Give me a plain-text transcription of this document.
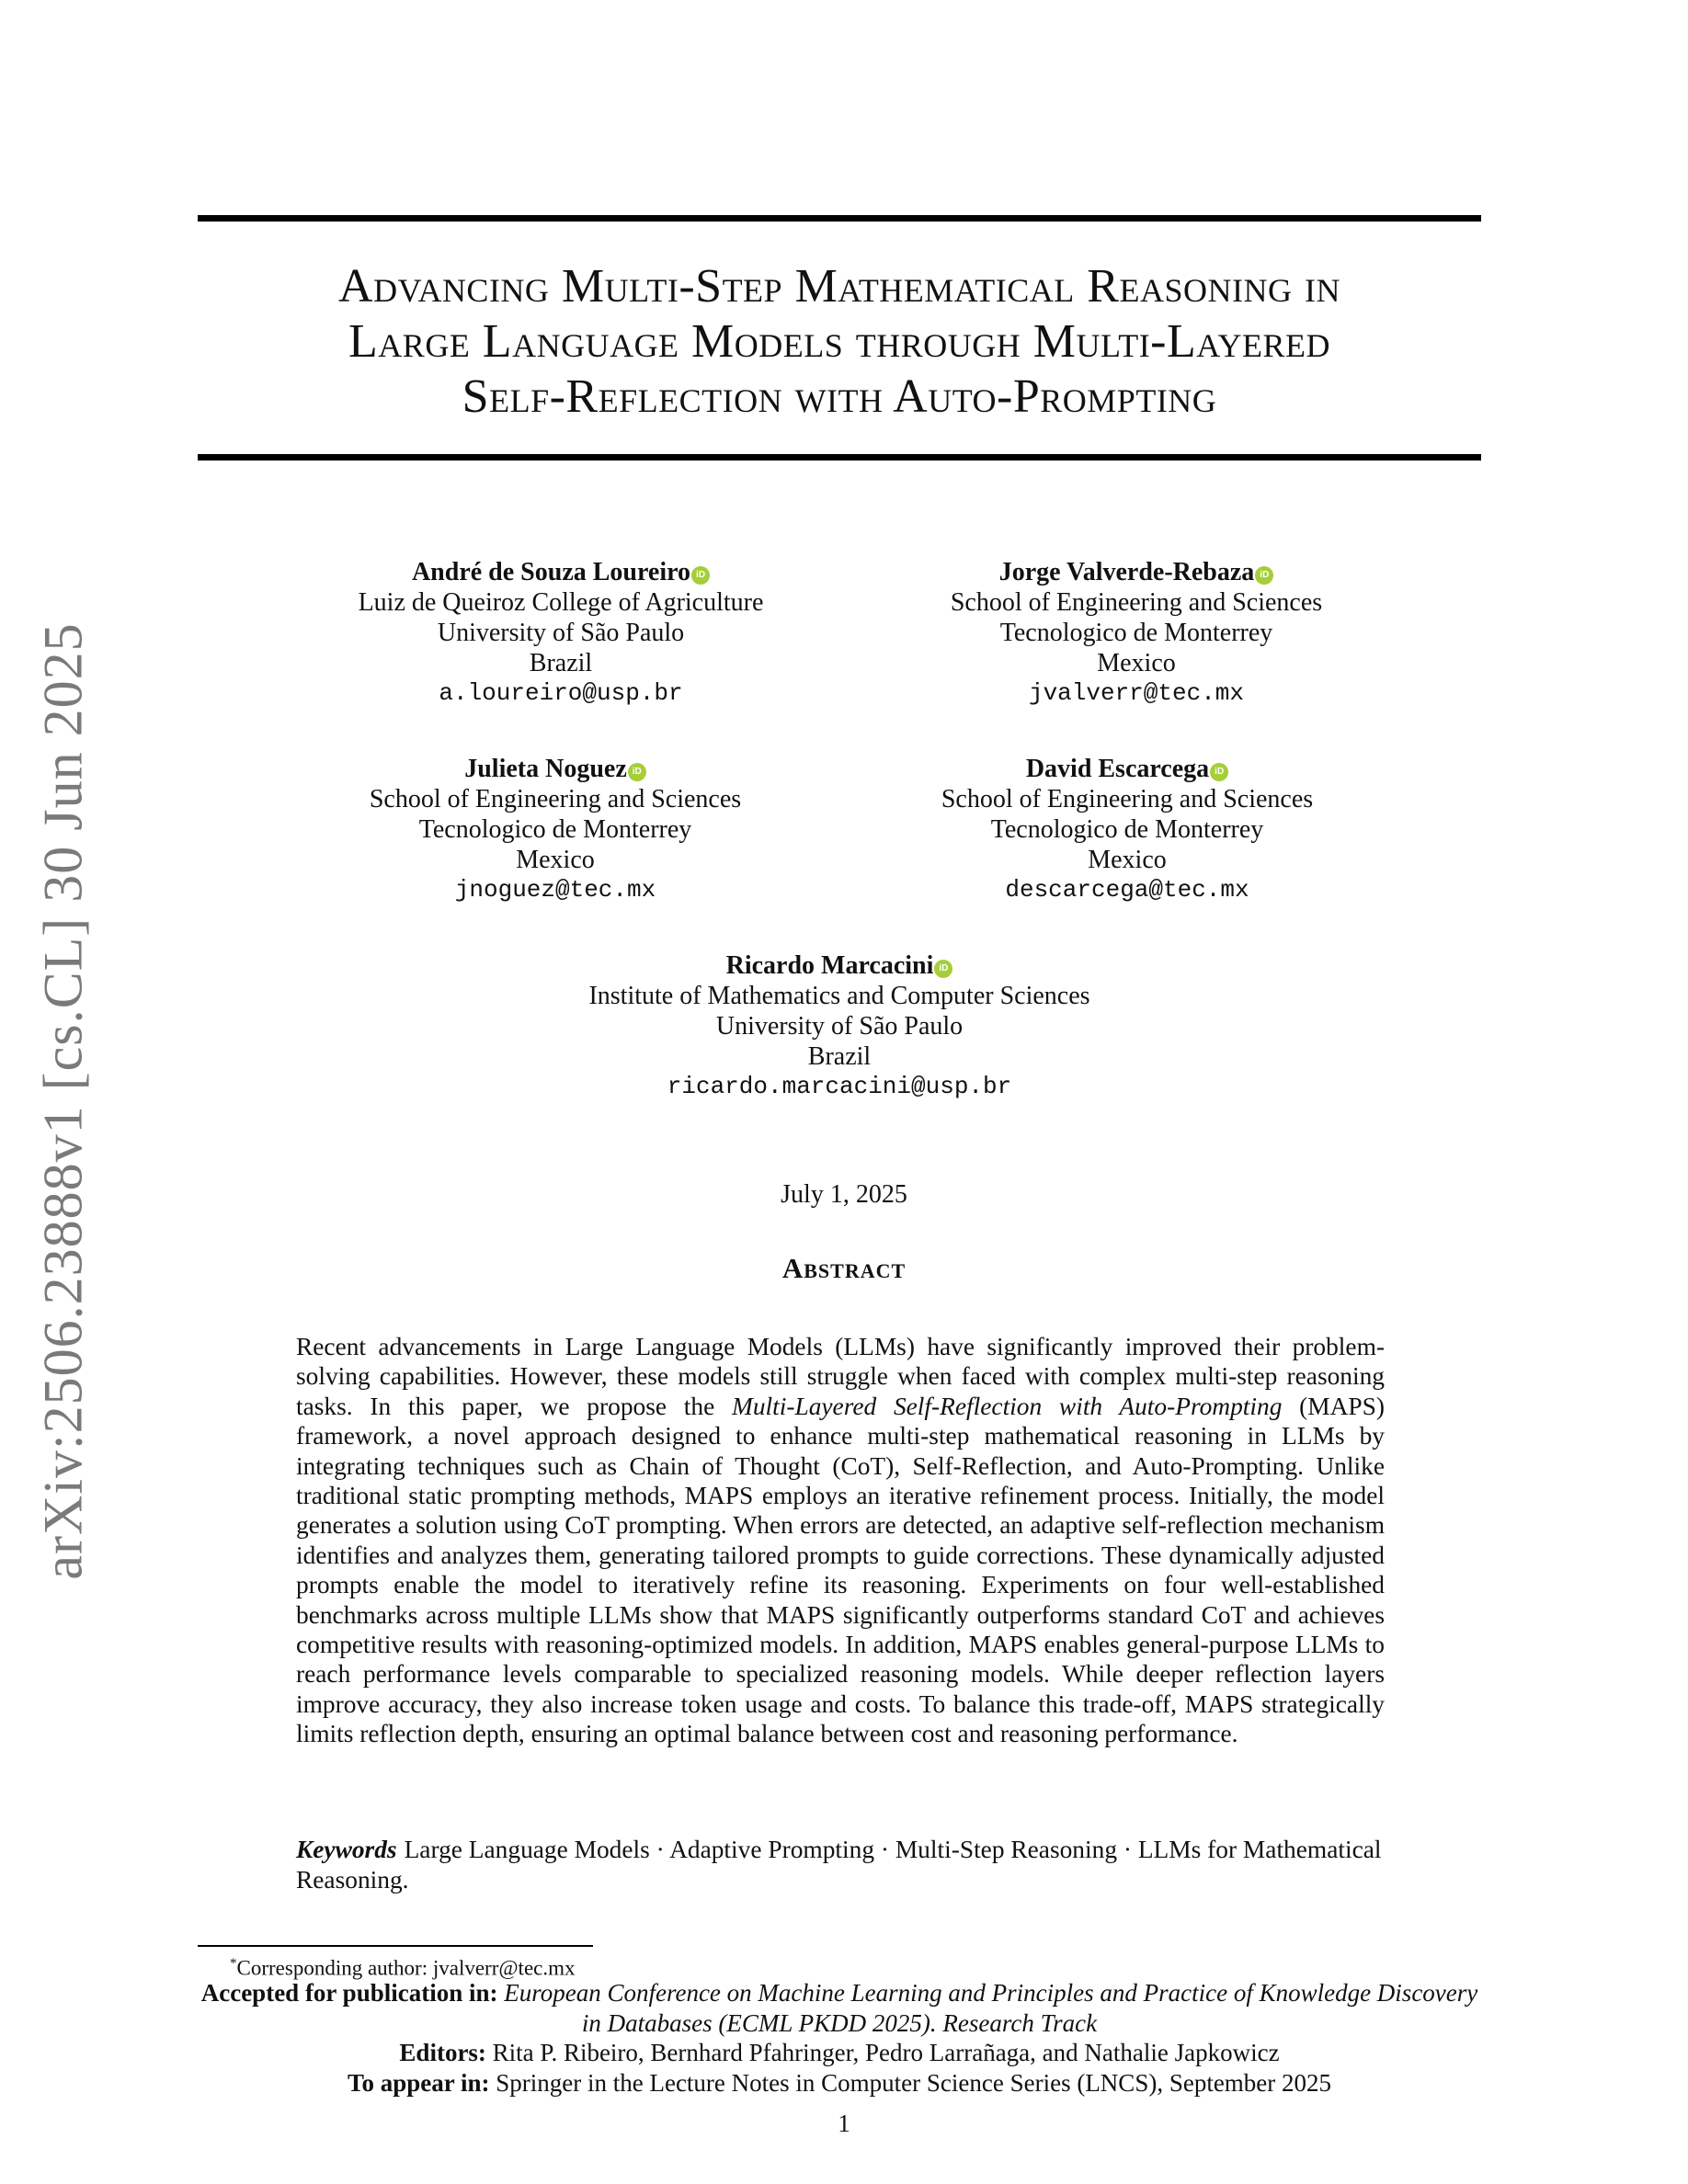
arXiv:2506.23888v1 [cs.CL] 30 Jun 2025
Advancing Multi-Step Mathematical Reasoning in
Large Language Models through Multi-Layered
Self-Reflection with Auto-Prompting
André de Souza Loureiro iD
Luiz de Queiroz College of Agriculture
University of São Paulo
Brazil
a.loureiro@usp.br
Jorge Valverde-Rebaza iD
School of Engineering and Sciences
Tecnologico de Monterrey
Mexico
jvalverr@tec.mx
Julieta Noguez iD
School of Engineering and Sciences
Tecnologico de Monterrey
Mexico
jnoguez@tec.mx
David Escarcega iD
School of Engineering and Sciences
Tecnologico de Monterrey
Mexico
descarcega@tec.mx
Ricardo Marcacini iD
Institute of Mathematics and Computer Sciences
University of São Paulo
Brazil
ricardo.marcacini@usp.br
July 1, 2025
Abstract
Recent advancements in Large Language Models (LLMs) have significantly improved their problem-solving capabilities. However, these models still struggle when faced with complex multi-step reasoning tasks. In this paper, we propose the Multi-Layered Self-Reflection with Auto-Prompting (MAPS) framework, a novel approach designed to enhance multi-step mathematical reasoning in LLMs by integrating techniques such as Chain of Thought (CoT), Self-Reflection, and Auto-Prompting. Unlike traditional static prompting methods, MAPS employs an iterative refinement process. Initially, the model generates a solution using CoT prompting. When errors are detected, an adaptive self-reflection mechanism identifies and analyzes them, generating tailored prompts to guide corrections. These dynamically adjusted prompts enable the model to iteratively refine its reasoning. Experiments on four well-established benchmarks across multiple LLMs show that MAPS significantly outperforms standard CoT and achieves competitive results with reasoning-optimized models. In addition, MAPS enables general-purpose LLMs to reach performance levels comparable to specialized reasoning models. While deeper reflection layers improve accuracy, they also increase token usage and costs. To balance this trade-off, MAPS strategically limits reflection depth, ensuring an optimal balance between cost and reasoning performance.
Keywords Large Language Models · Adaptive Prompting · Multi-Step Reasoning · LLMs for Mathematical Reasoning.
*Corresponding author: jvalverr@tec.mx
Accepted for publication in: European Conference on Machine Learning and Principles and Practice of Knowledge Discovery in Databases (ECML PKDD 2025). Research Track
Editors: Rita P. Ribeiro, Bernhard Pfahringer, Pedro Larrañaga, and Nathalie Japkowicz
To appear in: Springer in the Lecture Notes in Computer Science Series (LNCS), September 2025
1
